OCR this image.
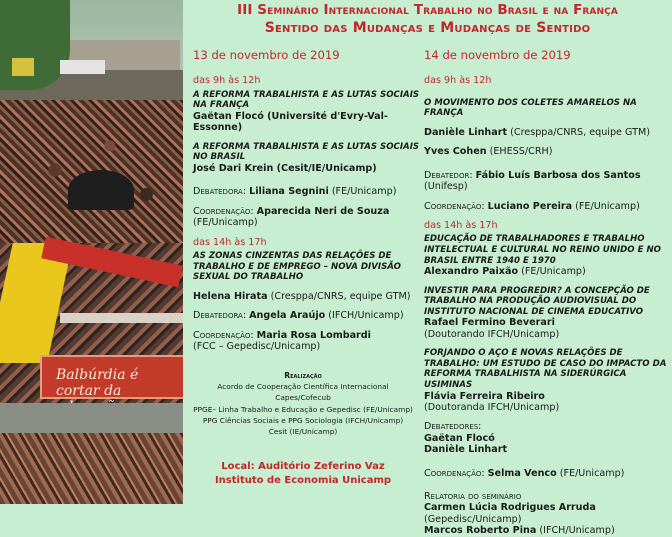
Balbúrdia é cortar da
III Seminário Internacional Trabalho no Brasil e na França
Sentido das Mudanças e Mudanças de Sentido
13 de novembro de 2019
das 9h às 12h
A REFORMA TRABALHISTA E AS LUTAS SOCIAIS NA FRANÇA
Gaëtan Flocó (Université d'Evry-Val-Essonne)
A REFORMA TRABALHISTA E AS LUTAS SOCIAIS NO BRASIL
José Dari Krein (Cesit/IE/Unicamp)
Debatedora: Liliana Segnini (FE/Unicamp)
Coordenação: Aparecida Neri de Souza
(FE/Unicamp)
das 14h às 17h
AS ZONAS CINZENTAS DAS RELAÇÕES DE TRABALHO E DE EMPREGO – NOVA DIVISÃO SEXUAL DO TRABALHO
Helena Hirata (Cresppa/CNRS, equipe GTM)
Debatedora: Angela Araújo (IFCH/Unicamp)
Coordenação: Maria Rosa Lombardi
(FCC – Gepedisc/Unicamp)
Realização
Acordo de Cooperação Científica Internacional
Capes/Cofecub
PPGE– Linha Trabalho e Educação e Gepedisc (FE/Unicamp)
PPG Ciências Sociais e PPG Sociologia (IFCH/Unicamp)
Cesit (IE/Unicamp)
Local: Auditório Zeferino Vaz
Instituto de Economia Unicamp
14 de novembro de 2019
das 9h às 12h
O MOVIMENTO DOS COLETES AMARELOS NA FRANÇA
Danièle Linhart (Cresppa/CNRS, equipe GTM)
Yves Cohen (EHESS/CRH)
Debatedor: Fábio Luís Barbosa dos Santos (Unifesp)
Coordenação: Luciano Pereira (FE/Unicamp)
das 14h às 17h
EDUCAÇÃO DE TRABALHADORES E TRABALHO INTELECTUAL E CULTURAL NO REINO UNIDO E NO BRASIL ENTRE 1940 E 1970
Alexandro Paixão (FE/Unicamp)
INVESTIR PARA PROGREDIR? A CONCEPÇÃO DE TRABALHO NA PRODUÇÃO AUDIOVISUAL DO INSTITUTO NACIONAL DE CINEMA EDUCATIVO
Rafael Fermino Beverari
(Doutorando IFCH/Unicamp)
FORJANDO O AÇO E NOVAS RELAÇÕES DE TRABALHO: UM ESTUDO DE CASO DO IMPACTO DA REFORMA TRABALHISTA NA SIDERÚRGICA USIMINAS
Flávia Ferreira Ribeiro
(Doutoranda IFCH/Unicamp)
Debatedores:
Gaëtan Flocó
Danièle Linhart
Coordenação: Selma Venco (FE/Unicamp)
Relatoria do seminário
Carmen Lúcia Rodrigues Arruda (Gepedisc/Unicamp)
Marcos Roberto Pina (IFCH/Unicamp)
